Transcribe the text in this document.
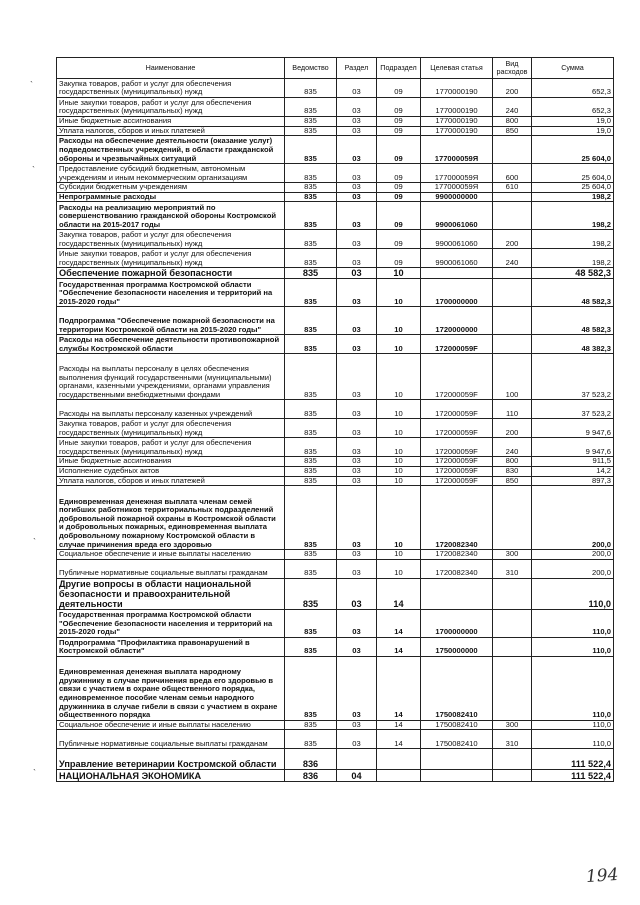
`
`
`
`
Наименование	Ведомство	Раздел	Подраздел	Целевая статья	Вид расходов	Сумма
Закупка товаров, работ и услуг для обеспечения государственных (муниципальных) нужд	835	03	09	1770000190	200	652,3
Иные закупки товаров, работ и услуг для обеспечения государственных (муниципальных) нужд	835	03	09	1770000190	240	652,3
Иные бюджетные ассигнования	835	03	09	1770000190	800	19,0
Уплата налогов, сборов и иных платежей	835	03	09	1770000190	850	19,0
Расходы на обеспечение деятельности (оказание услуг) подведомственных учреждений, в области гражданской обороны и чрезвычайных ситуаций	835	03	09	177000059Я		25 604,0
Предоставление субсидий бюджетным, автономным учреждениям и иным некоммерческим организациям	835	03	09	177000059Я	600	25 604,0
Субсидии бюджетным учреждениям	835	03	09	177000059Я	610	25 604,0
Непрограммные расходы	835	03	09	9900000000		198,2
Расходы на реализацию мероприятий по совершенствованию гражданской обороны Костромской области на 2015-2017 годы	835	03	09	9900061060		198,2
Закупка товаров, работ и услуг для обеспечения государственных (муниципальных) нужд	835	03	09	9900061060	200	198,2
Иные закупки товаров, работ и услуг для обеспечения государственных (муниципальных) нужд	835	03	09	9900061060	240	198,2
Обеспечение пожарной безопасности	835	03	10			48 582,3
Государственная программа Костромской области "Обеспечение безопасности населения и территорий на 2015-2020 годы"	835	03	10	1700000000		48 582,3
Подпрограмма "Обеспечение пожарной безопасности на территории Костромской области на 2015-2020 годы"	835	03	10	1720000000		48 582,3
Расходы на обеспечение деятельности противопожарной службы Костромской области	835	03	10	172000059F		48 382,3
Расходы на выплаты персоналу в целях обеспечения выполнения функций государственными (муниципальными) органами, казенными учреждениями, органами управления государственными внебюджетными фондами	835	03	10	172000059F	100	37 523,2
Расходы на выплаты персоналу казенных учреждений	835	03	10	172000059F	110	37 523,2
Закупка товаров, работ и услуг для обеспечения государственных (муниципальных) нужд	835	03	10	172000059F	200	9 947,6
Иные закупки товаров, работ и услуг для обеспечения государственных (муниципальных) нужд	835	03	10	172000059F	240	9 947,6
Иные бюджетные ассигнования	835	03	10	172000059F	800	911,5
Исполнение судебных актов	835	03	10	172000059F	830	14,2
Уплата налогов, сборов и иных платежей	835	03	10	172000059F	850	897,3
Единовременная денежная выплата членам семей погибших работников территориальных подразделений добровольной пожарной охраны в Костромской области и добровольных пожарных, единовременная выплата добровольному пожарному Костромской области в случае причинения вреда его здоровью	835	03	10	1720082340		200,0
Социальное обеспечение и иные выплаты населению	835	03	10	1720082340	300	200,0
Публичные нормативные социальные выплаты гражданам	835	03	10	1720082340	310	200,0
Другие вопросы в области национальной безопасности и правоохранительной деятельности	835	03	14			110,0
Государственная программа Костромской области "Обеспечение безопасности населения и территорий на 2015-2020 годы"	835	03	14	1700000000		110,0
Подпрограмма "Профилактика правонарушений в Костромской области"	835	03	14	1750000000		110,0
Единовременная денежная выплата народному дружиннику в случае причинения вреда его здоровью в связи с участием в охране общественного порядка, единовременное пособие членам семьи народного дружинника в случае гибели в связи с участием в охране общественного порядка	835	03	14	1750082410		110,0
Социальное обеспечение и иные выплаты населению	835	03	14	1750082410	300	110,0
Публичные нормативные социальные выплаты гражданам	835	03	14	1750082410	310	110,0
Управление ветеринарии Костромской области	836					111 522,4
НАЦИОНАЛЬНАЯ ЭКОНОМИКА	836	04				111 522,4
194
